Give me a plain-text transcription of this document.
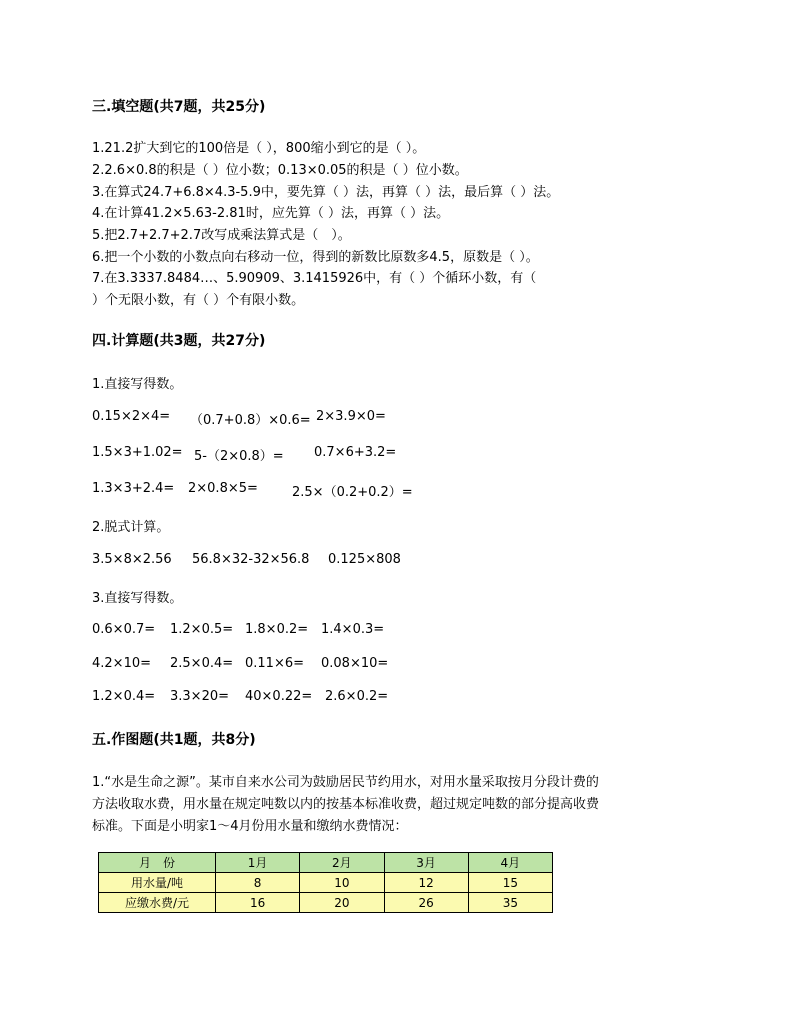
三.填空题(共7题，共25分)
1.21.2扩大到它的100倍是（ ），800缩小到它的是（ ）。
2.2.6×0.8的积是（ ）位小数；0.13×0.05的积是（ ）位小数。
3.在算式24.7+6.8×4.3-5.9中，要先算（ ）法，再算（ ）法，最后算（ ）法。
4.在计算41.2×5.63-2.81时，应先算（ ）法，再算（ ）法。
5.把2.7+2.7+2.7改写成乘法算式是（　）。
6.把一个小数的小数点向右移动一位，得到的新数比原数多4.5，原数是（ ）。
7.在3.3337.8484…、5.90909、3.1415926中，有（ ）个循环小数，有（
）个无限小数，有（ ）个有限小数。
四.计算题(共3题，共27分)
1.直接写得数。
0.15×2×4= （0.7+0.8）×0.6= 2×3.9×0=
1.5×3+1.02= 5-（2×0.8）= 0.7×6+3.2=
1.3×3+2.4= 2×0.8×5=	2.5×（0.2+0.2）=
2.脱式计算。
3.5×8×2.56 56.8×32-32×56.8 0.125×808
3.直接写得数。
0.6×0.7= 1.2×0.5= 1.8×0.2= 1.4×0.3=
4.2×10= 2.5×0.4= 0.11×6= 0.08×10=
1.2×0.4= 3.3×20= 40×0.22= 2.6×0.2=
五.作图题(共1题，共8分)
1.“水是生命之源”。某市自来水公司为鼓励居民节约用水，对用水量采取按月分段计费的
方法收取水费，用水量在规定吨数以内的按基本标准收费，超过规定吨数的部分提高收费
标准。下面是小明家1～4月份用水量和缴纳水费情况：
月　份	1月	2月	3月	4月
用水量/吨	8	10	12	15
应缴水费/元	16	20	26	35
